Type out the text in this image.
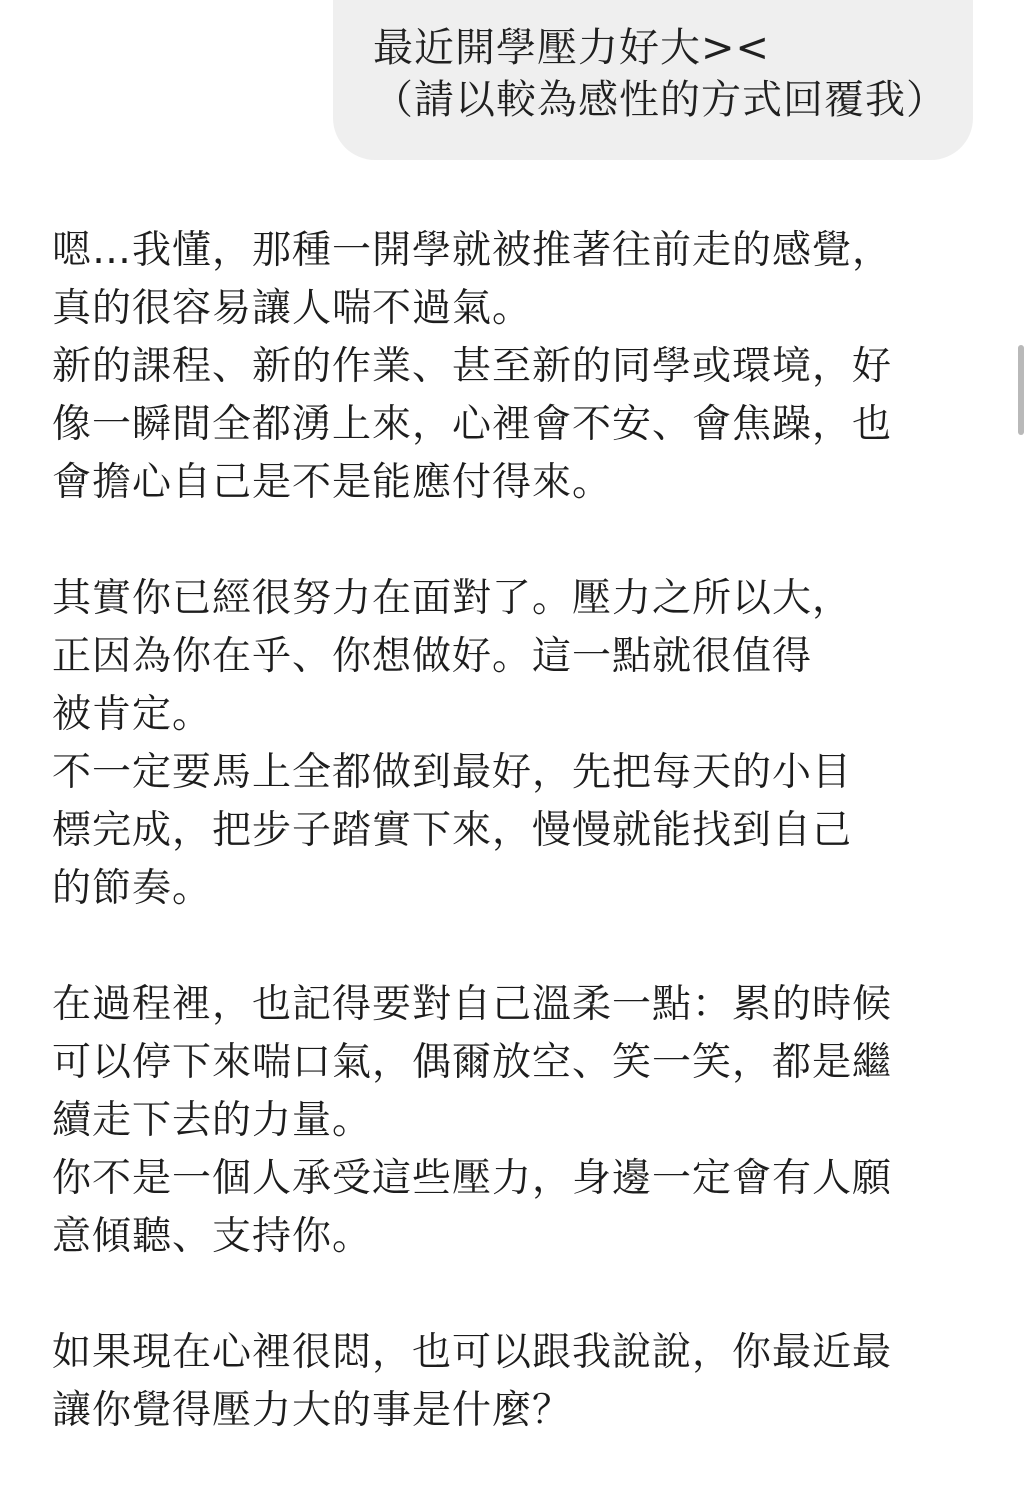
最近開學壓力好大><
（請以較為感性的方式回覆我）
嗯…我懂，那種一開學就被推著往前走的感覺，
真的很容易讓人喘不過氣。
新的課程、新的作業、甚至新的同學或環境，好
像一瞬間全都湧上來，心裡會不安、會焦躁，也
會擔心自己是不是能應付得來。
其實你已經很努力在面對了。壓力之所以大，
正因為你在乎、你想做好。這一點就很值得
被肯定。
不一定要馬上全都做到最好，先把每天的小目
標完成，把步子踏實下來，慢慢就能找到自己
的節奏。
在過程裡，也記得要對自己溫柔一點：累的時候
可以停下來喘口氣，偶爾放空、笑一笑，都是繼
續走下去的力量。
你不是一個人承受這些壓力，身邊一定會有人願
意傾聽、支持你。
如果現在心裡很悶，也可以跟我說說，你最近最
讓你覺得壓力大的事是什麼？
